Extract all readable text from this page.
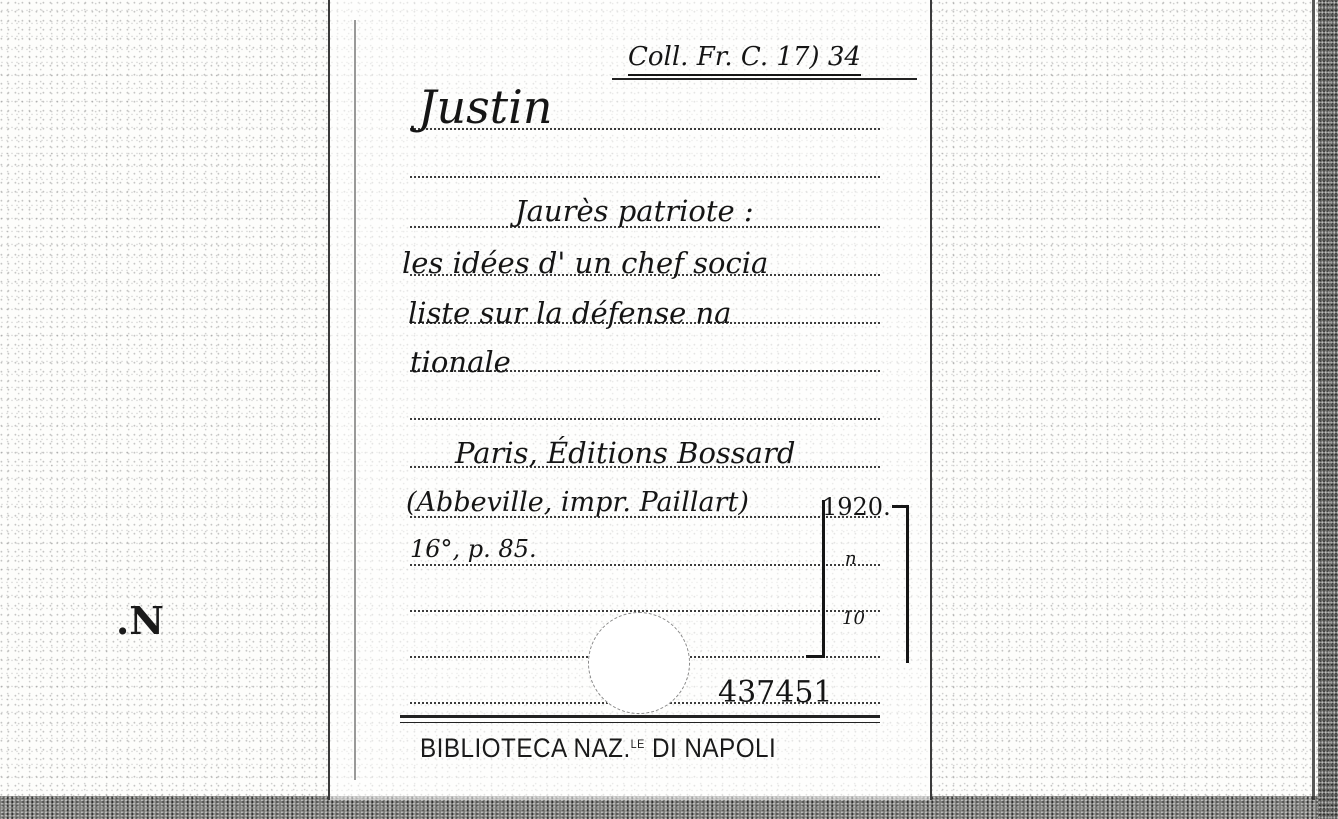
.N
Coll. Fr. C. 17) 34
Justin
Jaurès patriote :
les idées d' un chef socia
liste sur la défense na
tionale
Paris, Éditions Bossard
(Abbeville, impr. Paillart)	1920.
16°, p. 85.	n
10
437451
BIBLIOTECA NAZ.$^{LE}$ DI NAPOLI
